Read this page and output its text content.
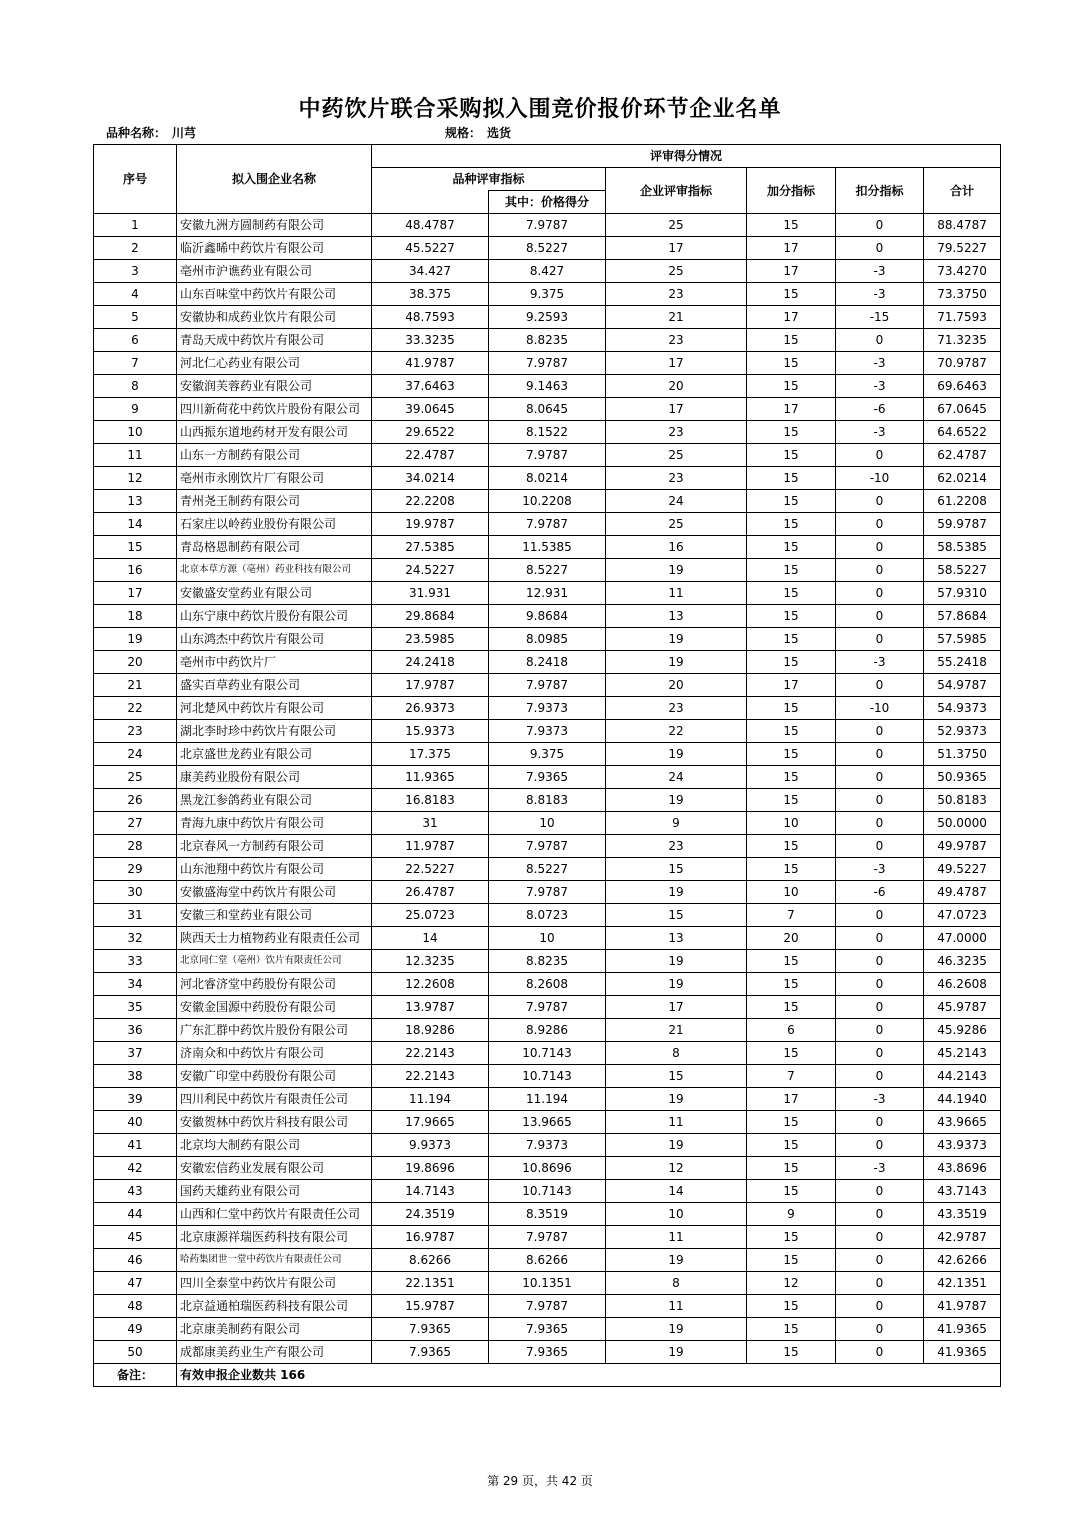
中药饮片联合采购拟入围竞价报价环节企业名单
品种名称： 川芎	规格： 选货
序号	拟入围企业名称	评审得分情况					
		品种评审指标		企业评审指标	加分指标	扣分指标	合计
			其中：价格得分				
1	安徽九洲方圆制药有限公司	48.4787	7.9787	25	15	0	88.4787
2	临沂鑫晞中药饮片有限公司	45.5227	8.5227	17	17	0	79.5227
3	亳州市沪谯药业有限公司	34.427	8.427	25	17	-3	73.4270
4	山东百味堂中药饮片有限公司	38.375	9.375	23	15	-3	73.3750
5	安徽协和成药业饮片有限公司	48.7593	9.2593	21	17	-15	71.7593
6	青岛天成中药饮片有限公司	33.3235	8.8235	23	15	0	71.3235
7	河北仁心药业有限公司	41.9787	7.9787	17	15	-3	70.9787
8	安徽润芙蓉药业有限公司	37.6463	9.1463	20	15	-3	69.6463
9	四川新荷花中药饮片股份有限公司	39.0645	8.0645	17	17	-6	67.0645
10	山西振东道地药材开发有限公司	29.6522	8.1522	23	15	-3	64.6522
11	山东一方制药有限公司	22.4787	7.9787	25	15	0	62.4787
12	亳州市永刚饮片厂有限公司	34.0214	8.0214	23	15	-10	62.0214
13	青州尧王制药有限公司	22.2208	10.2208	24	15	0	61.2208
14	石家庄以岭药业股份有限公司	19.9787	7.9787	25	15	0	59.9787
15	青岛格恩制药有限公司	27.5385	11.5385	16	15	0	58.5385
16	北京本草方源（亳州）药业科技有限公司	24.5227	8.5227	19	15	0	58.5227
17	安徽盛安堂药业有限公司	31.931	12.931	11	15	0	57.9310
18	山东宁康中药饮片股份有限公司	29.8684	9.8684	13	15	0	57.8684
19	山东鸿杰中药饮片有限公司	23.5985	8.0985	19	15	0	57.5985
20	亳州市中药饮片厂	24.2418	8.2418	19	15	-3	55.2418
21	盛实百草药业有限公司	17.9787	7.9787	20	17	0	54.9787
22	河北楚风中药饮片有限公司	26.9373	7.9373	23	15	-10	54.9373
23	湖北李时珍中药饮片有限公司	15.9373	7.9373	22	15	0	52.9373
24	北京盛世龙药业有限公司	17.375	9.375	19	15	0	51.3750
25	康美药业股份有限公司	11.9365	7.9365	24	15	0	50.9365
26	黑龙江参鸽药业有限公司	16.8183	8.8183	19	15	0	50.8183
27	青海九康中药饮片有限公司	31	10	9	10	0	50.0000
28	北京春风一方制药有限公司	11.9787	7.9787	23	15	0	49.9787
29	山东池翔中药饮片有限公司	22.5227	8.5227	15	15	-3	49.5227
30	安徽盛海堂中药饮片有限公司	26.4787	7.9787	19	10	-6	49.4787
31	安徽三和堂药业有限公司	25.0723	8.0723	15	7	0	47.0723
32	陕西天士力植物药业有限责任公司	14	10	13	20	0	47.0000
33	北京同仁堂（亳州）饮片有限责任公司	12.3235	8.8235	19	15	0	46.3235
34	河北睿济堂中药股份有限公司	12.2608	8.2608	19	15	0	46.2608
35	安徽金国源中药股份有限公司	13.9787	7.9787	17	15	0	45.9787
36	广东汇群中药饮片股份有限公司	18.9286	8.9286	21	6	0	45.9286
37	济南众和中药饮片有限公司	22.2143	10.7143	8	15	0	45.2143
38	安徽广印堂中药股份有限公司	22.2143	10.7143	15	7	0	44.2143
39	四川利民中药饮片有限责任公司	11.194	11.194	19	17	-3	44.1940
40	安徽贺林中药饮片科技有限公司	17.9665	13.9665	11	15	0	43.9665
41	北京均大制药有限公司	9.9373	7.9373	19	15	0	43.9373
42	安徽宏信药业发展有限公司	19.8696	10.8696	12	15	-3	43.8696
43	国药天雄药业有限公司	14.7143	10.7143	14	15	0	43.7143
44	山西和仁堂中药饮片有限责任公司	24.3519	8.3519	10	9	0	43.3519
45	北京康源祥瑞医药科技有限公司	16.9787	7.9787	11	15	0	42.9787
46	哈药集团世一堂中药饮片有限责任公司	8.6266	8.6266	19	15	0	42.6266
47	四川全泰堂中药饮片有限公司	22.1351	10.1351	8	12	0	42.1351
48	北京益通柏瑞医药科技有限公司	15.9787	7.9787	11	15	0	41.9787
49	北京康美制药有限公司	7.9365	7.9365	19	15	0	41.9365
50	成都康美药业生产有限公司	7.9365	7.9365	19	15	0	41.9365
备注：	有效申报企业数共 166						
第 29 页，共 42 页
